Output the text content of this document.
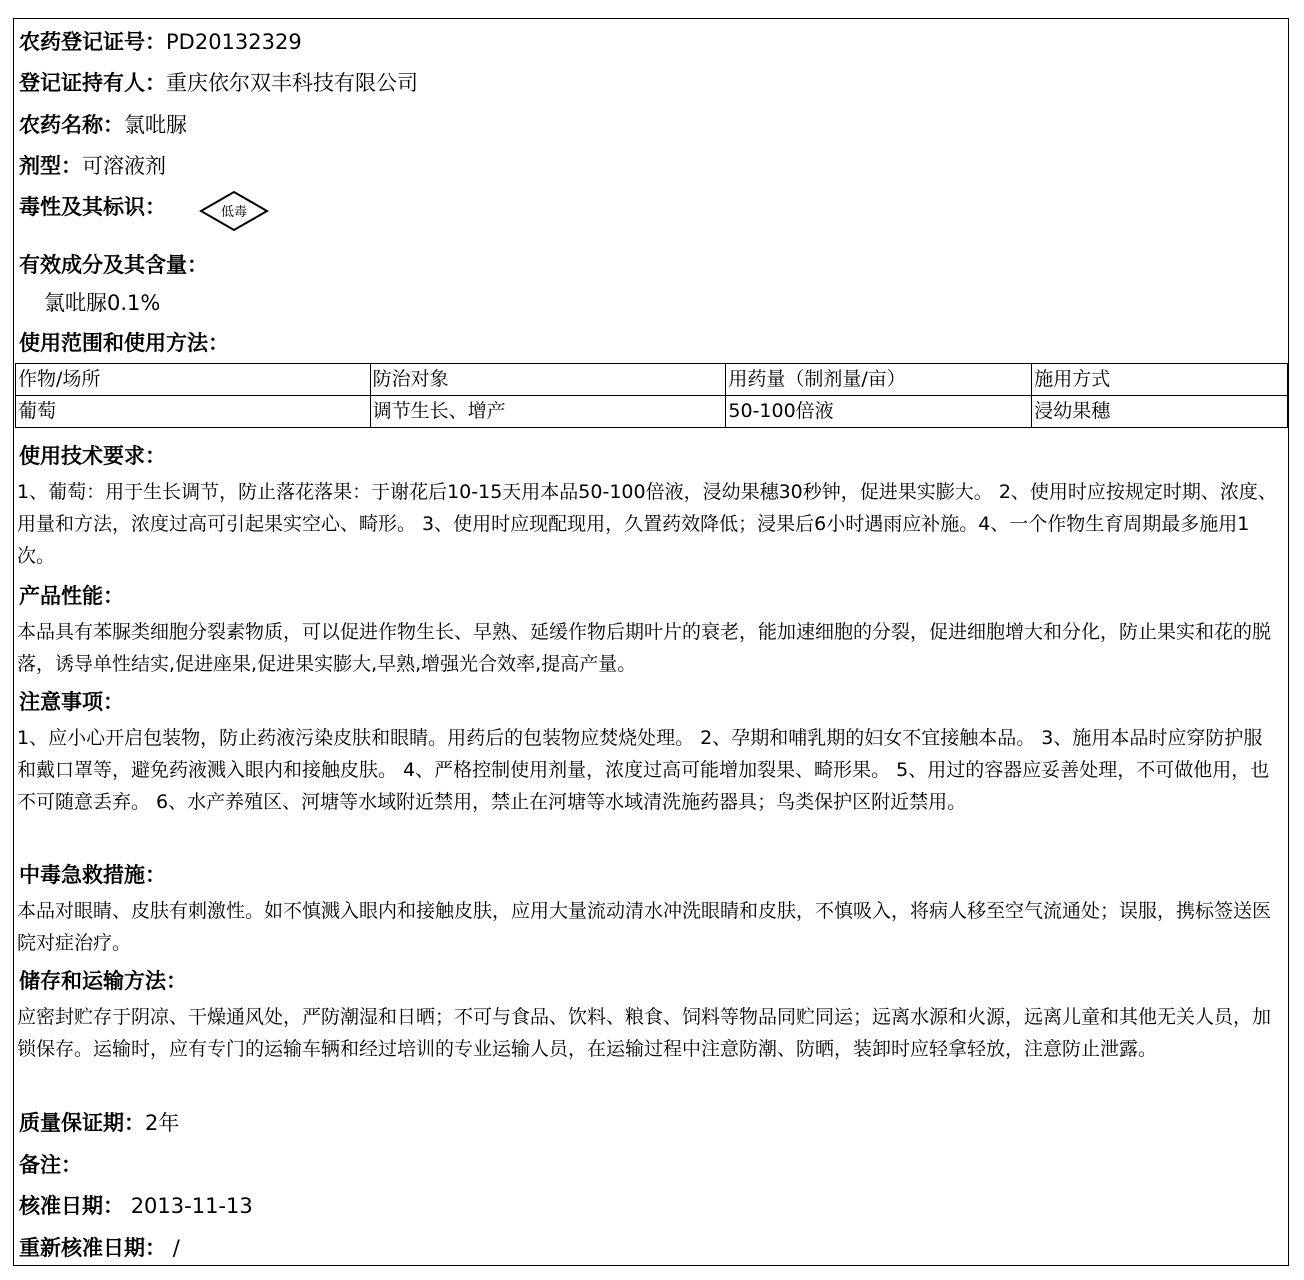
农药登记证号：PD20132329
登记证持有人：重庆依尔双丰科技有限公司
农药名称：氯吡脲
剂型：可溶液剂
毒性及其标识：	低毒
有效成分及其含量：
氯吡脲0.1%
使用范围和使用方法：
作物/场所	防治对象	用药量（制剂量/亩）	施用方式
葡萄	调节生长、增产	50-100倍液	浸幼果穗
使用技术要求：
1、葡萄：用于生长调节，防止落花落果：于谢花后10-15天用本品50-100倍液，浸幼果穗30秒钟，促进果实膨大。 2、使用时应按规定时期、浓度、用量和方法，浓度过高可引起果实空心、畸形。 3、使用时应现配现用，久置药效降低；浸果后6小时遇雨应补施。4、一个作物生育周期最多施用1次。
产品性能：
本品具有苯脲类细胞分裂素物质，可以促进作物生长、早熟、延缓作物后期叶片的衰老，能加速细胞的分裂，促进细胞增大和分化，防止果实和花的脱落，诱导单性结实,促进座果,促进果实膨大,早熟,增强光合效率,提高产量。
注意事项：
1、应小心开启包装物，防止药液污染皮肤和眼睛。用药后的包装物应焚烧处理。 2、孕期和哺乳期的妇女不宜接触本品。 3、施用本品时应穿防护服和戴口罩等，避免药液溅入眼内和接触皮肤。 4、严格控制使用剂量，浓度过高可能增加裂果、畸形果。 5、用过的容器应妥善处理，不可做他用，也不可随意丢弃。 6、水产养殖区、河塘等水域附近禁用，禁止在河塘等水域清洗施药器具；鸟类保护区附近禁用。
中毒急救措施：
本品对眼睛、皮肤有刺激性。如不慎溅入眼内和接触皮肤，应用大量流动清水冲洗眼睛和皮肤，不慎吸入，将病人移至空气流通处；误服，携标签送医院对症治疗。
储存和运输方法：
应密封贮存于阴凉、干燥通风处，严防潮湿和日晒；不可与食品、饮料、粮食、饲料等物品同贮同运；远离水源和火源，远离儿童和其他无关人员，加锁保存。运输时，应有专门的运输车辆和经过培训的专业运输人员，在运输过程中注意防潮、防晒，装卸时应轻拿轻放，注意防止泄露。
质量保证期：2年
备注：
核准日期： 2013-11-13
重新核准日期： /
